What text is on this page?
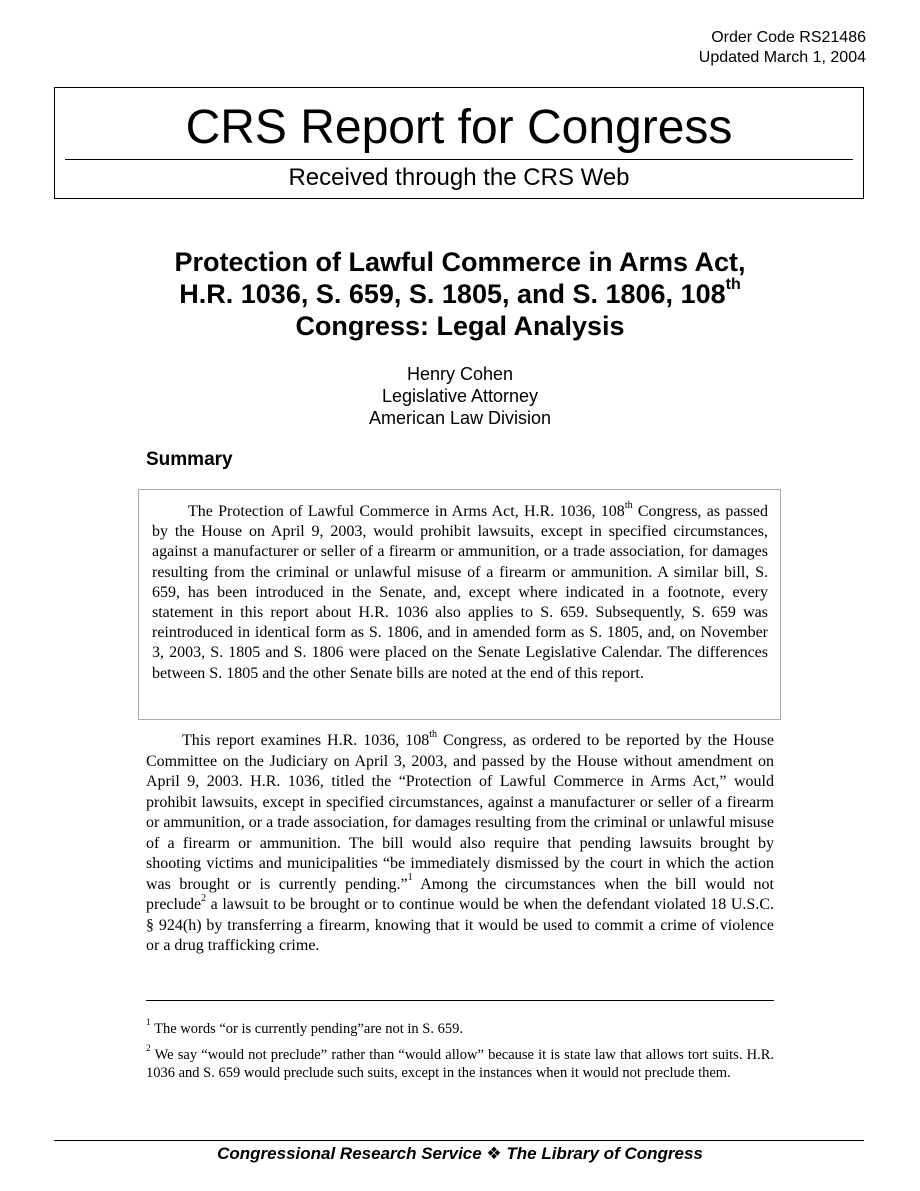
Order Code RS21486
Updated March 1, 2004
CRS Report for Congress
Received through the CRS Web
Protection of Lawful Commerce in Arms Act,
H.R. 1036, S. 659, S. 1805, and S. 1806, 108th
Congress: Legal Analysis
Henry Cohen
Legislative Attorney
American Law Division
Summary

The Protection of Lawful Commerce in Arms Act, H.R. 1036, 108th Congress, as passed by the House on April 9, 2003, would prohibit lawsuits, except in specified circumstances, against a manufacturer or seller of a firearm or ammunition, or a trade association, for damages resulting from the criminal or unlawful misuse of a firearm or ammunition. A similar bill, S. 659, has been introduced in the Senate, and, except where indicated in a footnote, every statement in this report about H.R. 1036 also applies to S. 659. Subsequently, S. 659 was reintroduced in identical form as S. 1806, and in amended form as S. 1805, and, on November 3, 2003, S. 1805 and S. 1806 were placed on the Senate Legislative Calendar. The differences between S. 1805 and the other Senate bills are noted at the end of this report.

This report examines H.R. 1036, 108th Congress, as ordered to be reported by the House Committee on the Judiciary on April 3, 2003, and passed by the House without amendment on April 9, 2003. H.R. 1036, titled the “Protection of Lawful Commerce in Arms Act,” would prohibit lawsuits, except in specified circumstances, against a manufacturer or seller of a firearm or ammunition, or a trade association, for damages resulting from the criminal or unlawful misuse of a firearm or ammunition. The bill would also require that pending lawsuits brought by shooting victims and municipalities “be immediately dismissed by the court in which the action was brought or is currently pending.”$^1$ Among the circumstances when the bill would not preclude$^2$ a lawsuit to be brought or to continue would be when the defendant violated 18 U.S.C. § 924(h) by transferring a firearm, knowing that it would be used to commit a crime of violence or a drug trafficking crime.

$^1$ The words “or is currently pending”are not in S. 659.

$^2$ We say “would not preclude” rather than “would allow” because it is state law that allows tort suits. H.R. 1036 and S. 659 would preclude such suits, except in the instances when it would not preclude them.

Congressional Research Service ❖ The Library of Congress
